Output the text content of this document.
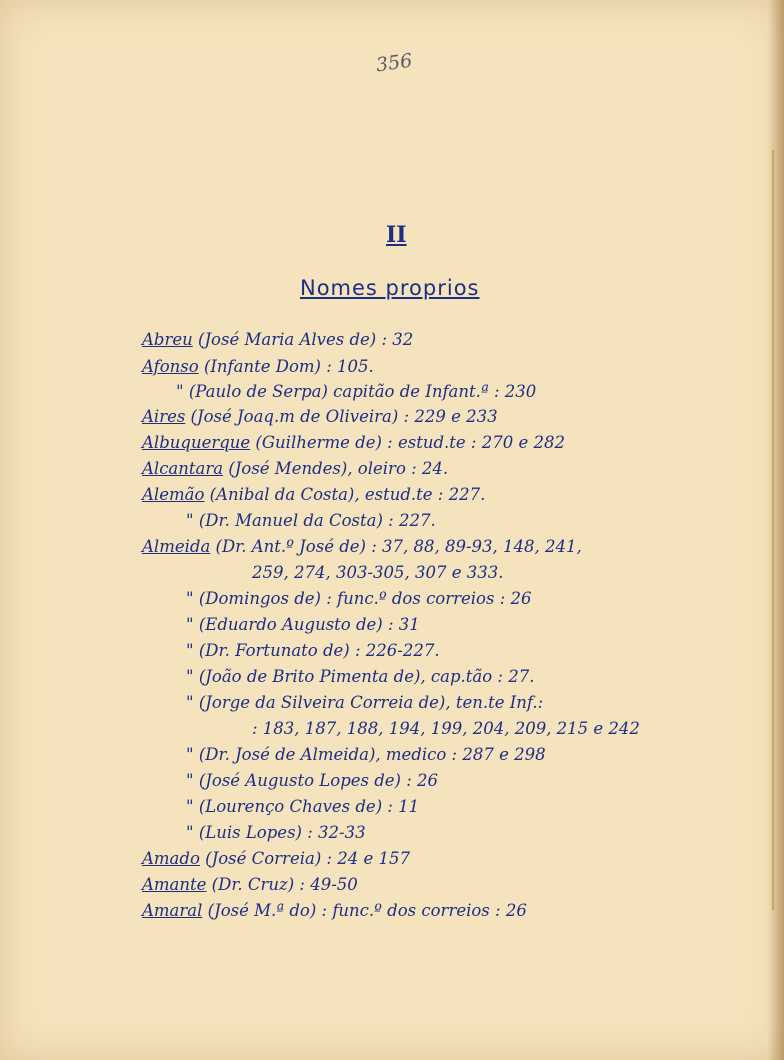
356
II
Nomes proprios
Abreu (José Maria Alves de) : 32
Afonso (Infante Dom) : 105.
" (Paulo de Serpa) capitão de Infant.ª : 230
Aires (José Joaq.m de Oliveira) : 229 e 233
Albuquerque (Guilherme de) : estud.te : 270 e 282
Alcantara (José Mendes), oleiro : 24.
Alemão (Anibal da Costa), estud.te : 227.
" (Dr. Manuel da Costa) : 227.
Almeida (Dr. Ant.º José de) : 37, 88, 89-93, 148, 241,
259, 274, 303-305, 307 e 333.
" (Domingos de) : func.º dos correios : 26
" (Eduardo Augusto de) : 31
" (Dr. Fortunato de) : 226-227.
" (João de Brito Pimenta de), cap.tão : 27.
" (Jorge da Silveira Correia de), ten.te Inf.:
: 183, 187, 188, 194, 199, 204, 209, 215 e 242
" (Dr. José de Almeida), medico : 287 e 298
" (José Augusto Lopes de) : 26
" (Lourenço Chaves de) : 11
" (Luis Lopes) : 32-33
Amado (José Correia) : 24 e 157
Amante (Dr. Cruz) : 49-50
Amaral (José M.ª do) : func.º dos correios : 26
